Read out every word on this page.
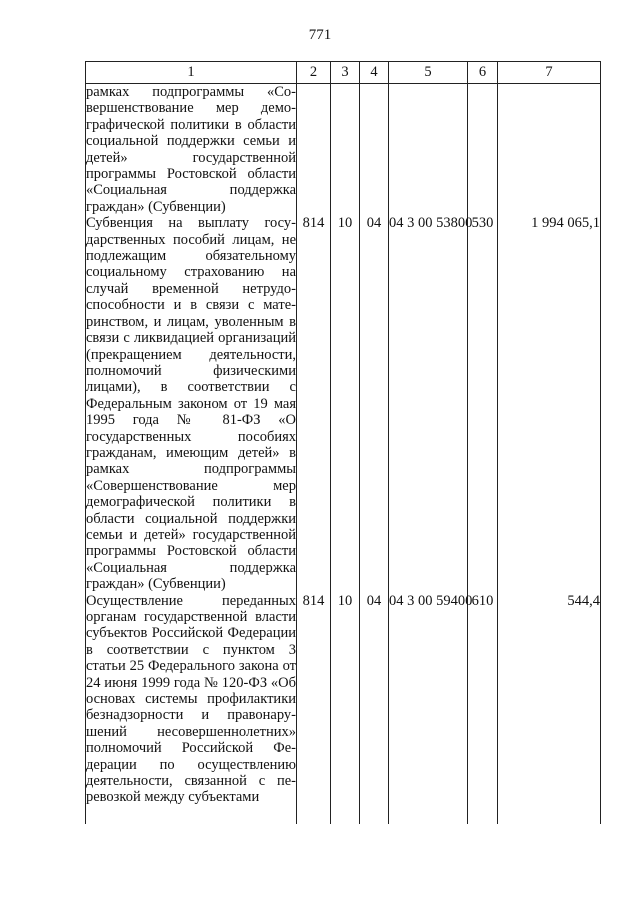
771
1	2	3	4	5	6	7

рамках подпрограммы «Совершенствование мер демографической политики в области социальной поддержки семьи и детей» государственной программы Ростовской области «Социальная поддержка граждан» (Субвенции)						

Субвенция на выплату государственных пособий лицам, не подлежащим обязательному социальному страхованию на случай временной нетрудоспособности и в связи с материнством, и лицам, уволенным в связи с ликвидацией организаций (прекращением деятельности, полномочий физическими лицами), в соответствии с Федеральным законом от 19 мая 1995 года № 81-ФЗ «О государственных пособиях гражданам, имеющим детей» в рамках подпрограммы «Совершенствование мер демографической политики в области социальной поддержки семьи и детей» государственной программы Ростовской области «Социальная поддержка граждан» (Субвенции)	814	10	04	04 3 00 53800	530	1 994 065,1

Осуществление переданных органам государственной власти субъектов Российской Федерации в соответствии с пунктом 3 статьи 25 Федерального закона от 24 июня 1999 года № 120-ФЗ «Об основах системы профилактики безнадзорности и правонарушений несовершеннолетних» полномочий Российской Федерации по осуществлению деятельности, связанной с перевозкой между субъектами	814	10	04	04 3 00 59400	610	544,4
